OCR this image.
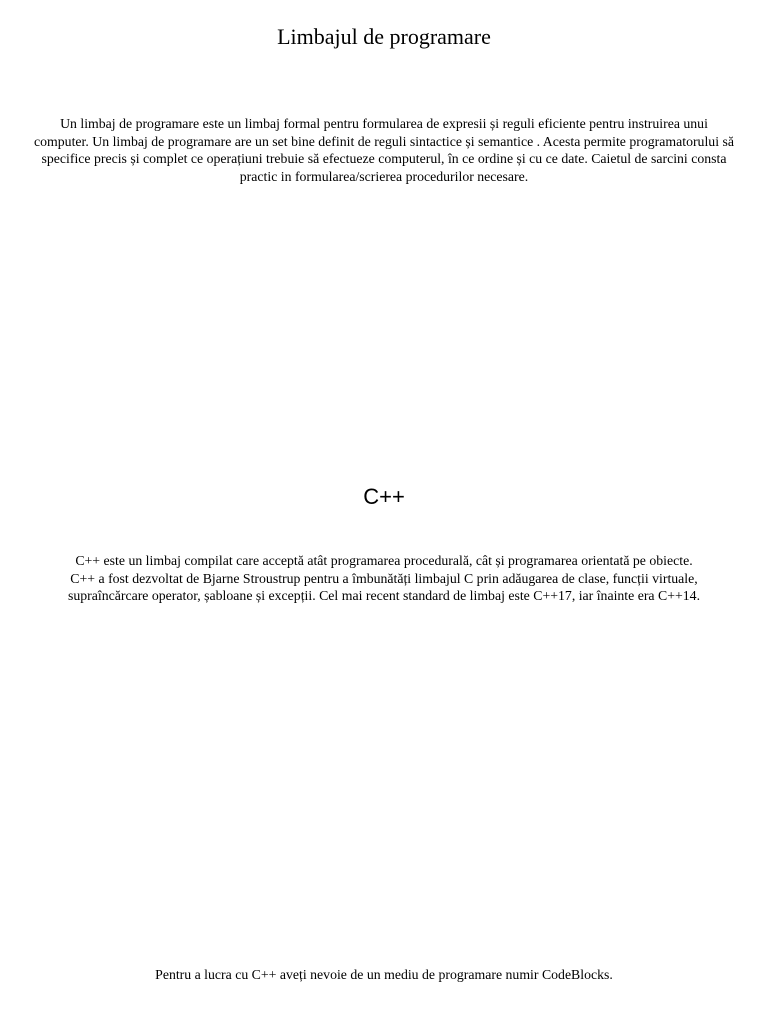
Limbajul de programare
Un limbaj de programare este un limbaj formal pentru formularea de expresii și reguli eficiente pentru instruirea unui
computer. Un limbaj de programare are un set bine definit de reguli sintactice și semantice . Acesta permite programatorului să
specifice precis și complet ce operațiuni trebuie să efectueze computerul, în ce ordine și cu ce date. Caietul de sarcini consta
practic in formularea/scrierea procedurilor necesare.
C++
C++ este un limbaj compilat care acceptă atât programarea procedurală, cât și programarea orientată pe obiecte.
C++ a fost dezvoltat de Bjarne Stroustrup pentru a îmbunătăți limbajul C prin adăugarea de clase, funcții virtuale,
supraîncărcare operator, șabloane și excepții. Cel mai recent standard de limbaj este C++17, iar înainte era C++14.
Pentru a lucra cu C++ aveți nevoie de un mediu de programare numir CodeBlocks.
